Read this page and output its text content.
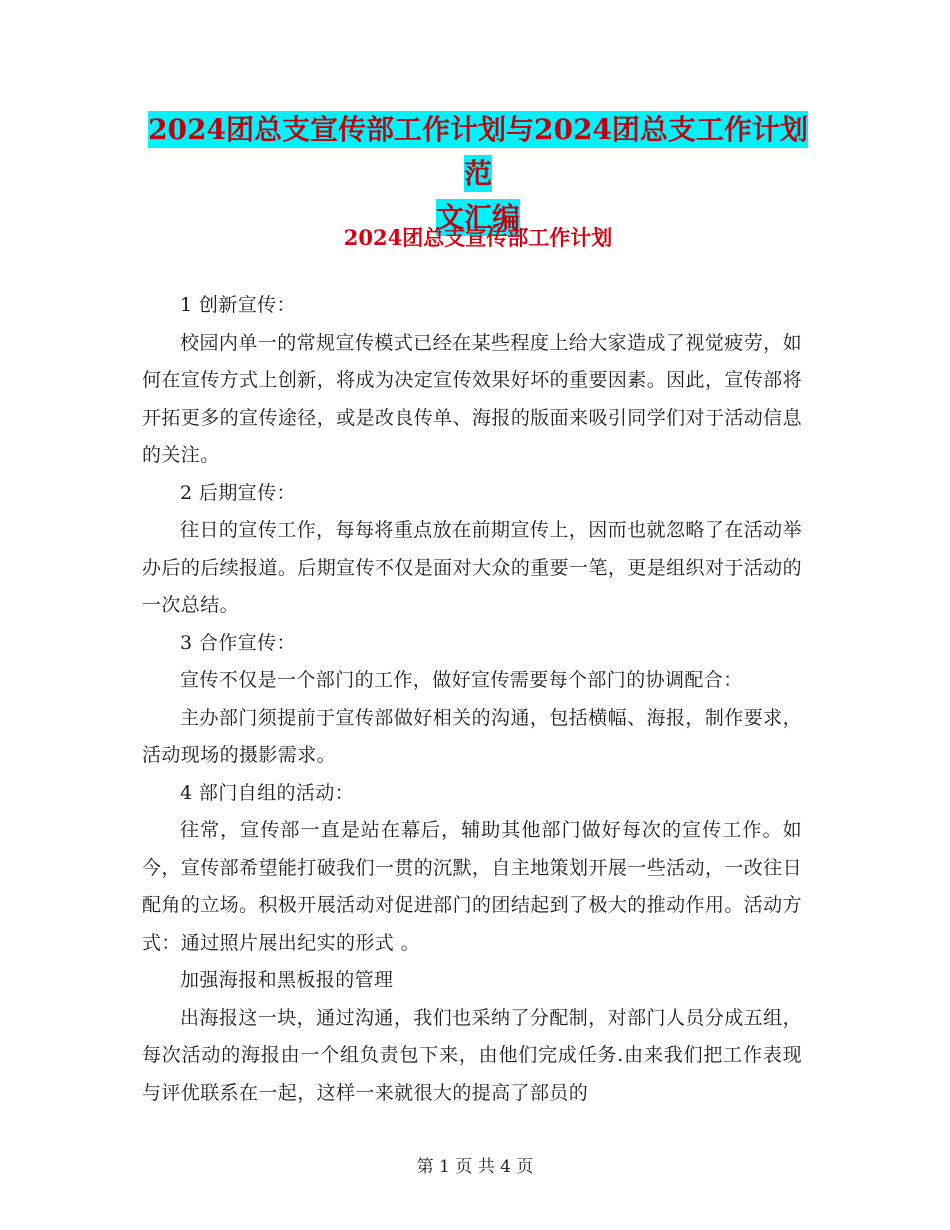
2024团总支宣传部工作计划与2024团总支工作计划范
文汇编
2024团总支宣传部工作计划

1 创新宣传：

校园内单一的常规宣传模式已经在某些程度上给大家造成了视觉疲劳，如何在宣传方式上创新，将成为决定宣传效果好坏的重要因素。因此，宣传部将开拓更多的宣传途径，或是改良传单、海报的版面来吸引同学们对于活动信息的关注。

2 后期宣传：

往日的宣传工作，每每将重点放在前期宣传上，因而也就忽略了在活动举办后的后续报道。后期宣传不仅是面对大众的重要一笔，更是组织对于活动的一次总结。

3 合作宣传：

宣传不仅是一个部门的工作，做好宣传需要每个部门的协调配合：

主办部门须提前于宣传部做好相关的沟通，包括横幅、海报，制作要求，活动现场的摄影需求。

4 部门自组的活动：

往常，宣传部一直是站在幕后，辅助其他部门做好每次的宣传工作。如今，宣传部希望能打破我们一贯的沉默，自主地策划开展一些活动，一改往日配角的立场。积极开展活动对促进部门的团结起到了极大的推动作用。活动方式：通过照片展出纪实的形式 。

加强海报和黑板报的管理

出海报这一块，通过沟通，我们也采纳了分配制，对部门人员分成五组，每次活动的海报由一个组负责包下来，由他们完成任务.由来我们把工作表现与评优联系在一起，这样一来就很大的提高了部员的

第 1 页 共 4 页
